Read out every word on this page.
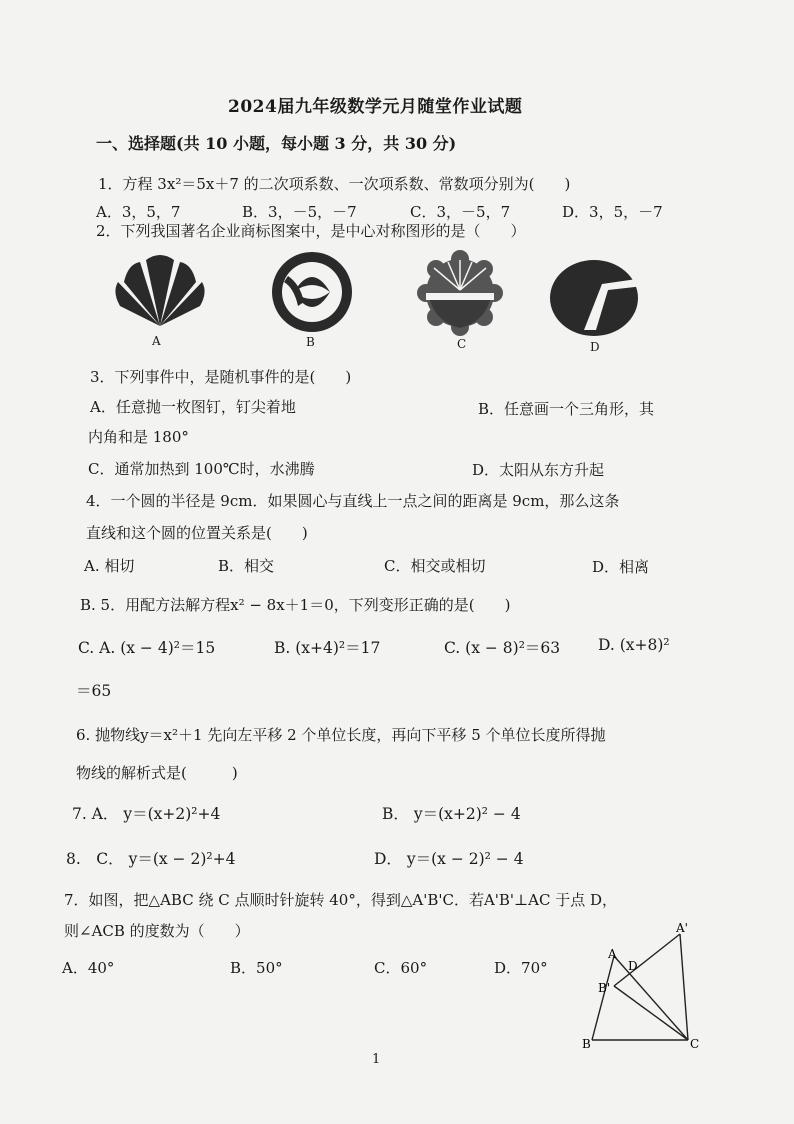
2024届九年级数学元月随堂作业试题
一、选择题(共 10 小题，每小题 3 分，共 30 分)
1．方程 3x²＝5x＋7 的二次项系数、一次项系数、常数项分别为(　　)
A．3，5，7	B．3，－5，－7	C．3，－5，7	D．3，5，－7
2．下列我国著名企业商标图案中，是中心对称图形的是（　　）
A	B	C	D
3．下列事件中，是随机事件的是(　　)
A．任意抛一枚图钉，钉尖着地	B．任意画一个三角形，其
内角和是 180°
C．通常加热到 100℃时，水沸腾	D．太阳从东方升起
4．一个圆的半径是 9cm．如果圆心与直线上一点之间的距离是 9cm，那么这条
直线和这个圆的位置关系是(　　)
A. 相切	B．相交	C．相交或相切	D．相离
B. 5．用配方法解方程x² − 8x＋1＝0，下列变形正确的是(　　)
C. A. (x − 4)²＝15	B. (x+4)²＝17	C. (x − 8)²＝63 D. (x+8)²
＝65
6. 抛物线y＝x²＋1 先向左平移 2 个单位长度，再向下平移 5 个单位长度所得抛
物线的解析式是(　　　)
7. A． y＝(x+2)²+4	B． y＝(x+2)² − 4
8.　C． y＝(x − 2)²+4	D． y＝(x − 2)² − 4
7．如图，把△ABC 绕 C 点顺时针旋转 40°，得到△A'B'C．若A'B'⊥AC 于点 D，
则∠ACB 的度数为（　　）
A．40°	B．50°	C．60°	D．70°
A'
A
D
B'
B	C
1
